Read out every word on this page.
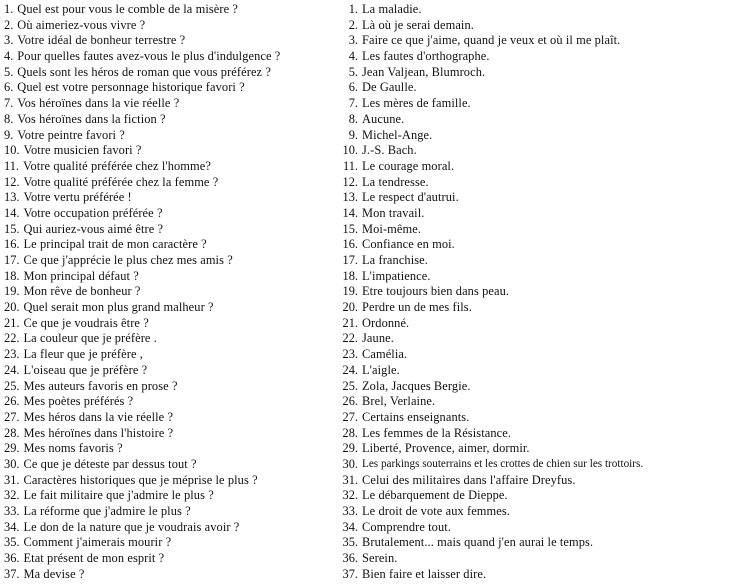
1. Quel est pour vous le comble de la misère ?
2. Où aimeriez-vous vivre ?
3. Votre idéal de bonheur terrestre ?
4. Pour quelles fautes avez-vous le plus d'indulgence ?
5. Quels sont les héros de roman que vous préférez ?
6. Quel est votre personnage historique favori ?
7. Vos héroïnes dans la vie réelle ?
8. Vos héroïnes dans la fiction ?
9. Votre peintre favori ?
10. Votre musicien favori ?
11. Votre qualité préférée chez l'homme?
12. Votre qualité préférée chez la femme ?
13. Votre vertu préférée !
14. Votre occupation préférée ?
15. Qui auriez-vous aimé être ?
16. Le principal trait de mon caractère ?
17. Ce que j'apprécie le plus chez mes amis ?
18. Mon principal défaut ?
19. Mon rêve de bonheur ?
20. Quel serait mon plus grand malheur ?
21. Ce que je voudrais être ?
22. La couleur que je préfère .
23. La fleur que je préfère ,
24. L'oiseau que je préfère ?
25. Mes auteurs favoris en prose ?
26. Mes poètes préférés ?
27. Mes héros dans la vie réelle ?
28. Mes héroïnes dans l'histoire ?
29. Mes noms favoris ?
30. Ce que je déteste par dessus tout ?
31. Caractères historiques que je méprise le plus ?
32. Le fait militaire que j'admire le plus ?
33. La réforme que j'admire le plus ?
34. Le don de la nature que je voudrais avoir ?
35. Comment j'aimerais mourir ?
36. Etat présent de mon esprit ?
37. Ma devise ?
1. La maladie.
2. Là où je serai demain.
3. Faire ce que j'aime, quand je veux et où il me plaît.
4. Les fautes d'orthographe.
5. Jean Valjean, Blumroch.
6. De Gaulle.
7. Les mères de famille.
8. Aucune.
9. Michel-Ange.
10. J.-S. Bach.
11. Le courage moral.
12. La tendresse.
13. Le respect d'autrui.
14. Mon travail.
15. Moi-même.
16. Confiance en moi.
17. La franchise.
18. L'impatience.
19. Etre toujours bien dans peau.
20. Perdre un de mes fils.
21. Ordonné.
22. Jaune.
23. Camélia.
24. L'aigle.
25. Zola, Jacques Bergie.
26. Brel, Verlaine.
27. Certains enseignants.
28. Les femmes de la Résistance.
29. Liberté, Provence, aimer, dormir.
30. Les parkings souterrains et les crottes de chien sur les trottoirs.
31. Celui des militaires dans l'affaire Dreyfus.
32. Le débarquement de Dieppe.
33. Le droit de vote aux femmes.
34. Comprendre tout.
35. Brutalement... mais quand j'en aurai le temps.
36. Serein.
37. Bien faire et laisser dire.
